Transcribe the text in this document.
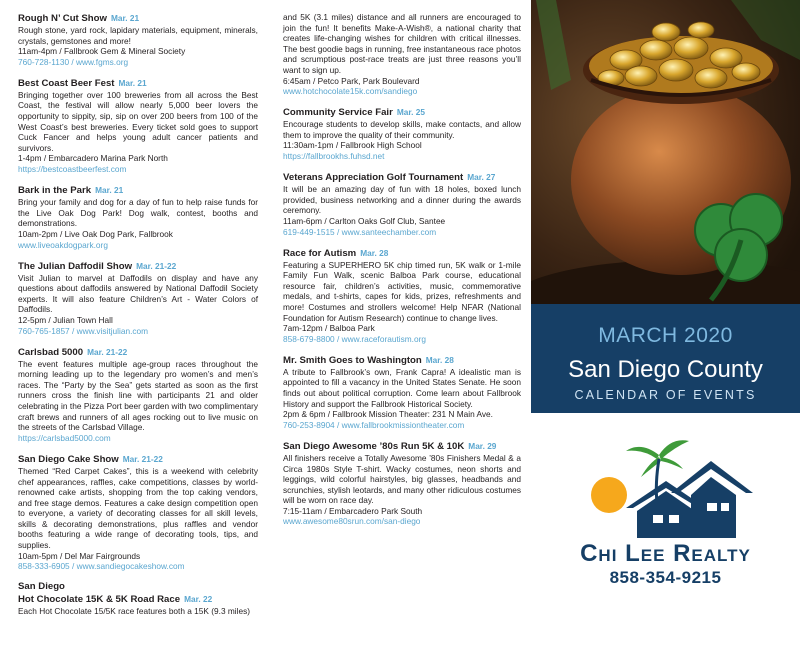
Rough N’ Cut Show Mar. 21
Rough stone, yard rock, lapidary materials, equipment, minerals, crystals, gemstones and more!
11am-4pm / Fallbrook Gem & Mineral Society
760-728-1130 / www.fgms.org
Best Coast Beer Fest Mar. 21
Bringing together over 100 breweries from all across the Best Coast, the festival will allow nearly 5,000 beer lovers the opportunity to sippity, sip, sip on over 200 beers from 100 of the West Coast’s best breweries. Every ticket sold goes to support Cuck Fancer and helps young adult cancer patients and survivors.
1-4pm / Embarcadero Marina Park North
https://bestcoastbeerfest.com
Bark in the Park Mar. 21
Bring your family and dog for a day of fun to help raise funds for the Live Oak Dog Park! Dog walk, contest, booths and demonstrations.
10am-2pm / Live Oak Dog Park, Fallbrook
www.liveoakdogpark.org
The Julian Daffodil Show Mar. 21-22
Visit Julian to marvel at Daffodils on display and have any questions about daffodils answered by National Daffodil Society experts. It will also feature Children’s Art - Water Colors of Daffodils.
12-5pm / Julian Town Hall
760-765-1857 / www.visitjulian.com
Carlsbad 5000 Mar. 21-22
The event features multiple age-group races throughout the morning leading up to the legendary pro women’s and men’s races. The “Party by the Sea” gets started as soon as the first runners cross the finish line with participants 21 and older celebrating in the Pizza Port beer garden with two complimentary craft brews and runners of all ages rocking out to live music on the streets of the Carlsbad Village.
https://carlsbad5000.com
San Diego Cake Show Mar. 21-22
Themed “Red Carpet Cakes”, this is a weekend with celebrity chef appearances, raffles, cake competitions, classes by world-renowned cake artists, shopping from the top caking vendors, and free stage demos. Features a cake design competition open to everyone, a variety of decorating classes for all skill levels, skills & decorating demonstrations, plus raffles and vendor booths featuring a wide range of decorating tools, tips, and supplies.
10am-5pm / Del Mar Fairgrounds
858-333-6905 / www.sandiegocakeshow.com
San Diego
Hot Chocolate 15K & 5K Road Race Mar. 22
Each Hot Chocolate 15/5K race features both a 15K (9.3 miles)
and 5K (3.1 miles) distance and all runners are encouraged to join the fun! It benefits Make-A-Wish®, a national charity that creates life-changing wishes for children with critical illnesses. The best goodie bags in running, free instantaneous race photos and scrumptious post-race treats are just three reasons you’ll want to sign up.
6:45am / Petco Park, Park Boulevard
www.hotchocolate15k.com/sandiego
Community Service Fair Mar. 25
Encourage students to develop skills, make contacts, and allow them to improve the quality of their community.
11:30am-1pm / Fallbrook High School
https://fallbrookhs.fuhsd.net
Veterans Appreciation Golf Tournament Mar. 27
It will be an amazing day of fun with 18 holes, boxed lunch provided, business networking and a dinner during the awards ceremony.
11am-6pm / Carlton Oaks Golf Club, Santee
619-449-1515 / www.santeechamber.com
Race for Autism Mar. 28
Featuring a SUPERHERO 5K chip timed run, 5K walk or 1-mile Family Fun Walk, scenic Balboa Park course, educational resource fair, children’s activities, music, commemorative medals, and t-shirts, capes for kids, prizes, refreshments and more! Costumes and strollers welcome! Help NFAR (National Foundation for Autism Research) continue to change lives.
7am-12pm / Balboa Park
858-679-8800 / www.raceforautism.org
Mr. Smith Goes to Washington Mar. 28
A tribute to Fallbrook’s own, Frank Capra! A idealistic man is appointed to fill a vacancy in the United States Senate. He soon finds out about political corruption. Come learn about Fallbrook History and support the Fallbrook Historical Society.
2pm & 6pm / Fallbrook Mission Theater: 231 N Main Ave.
760-253-8904 / www.fallbrookmissiontheater.com
San Diego Awesome ’80s Run 5K & 10K Mar. 29
All finishers receive a Totally Awesome ’80s Finishers Medal & a Circa 1980s Style T-shirt. Wacky costumes, neon shorts and leggings, wild colorful hairstyles, big glasses, headbands and scrunchies, stylish leotards, and many other ridiculous costumes will be worn on race day.
7:15-11am / Embarcadero Park South
www.awesome80srun.com/san-diego
MARCH 2020
San Diego County
CALENDAR OF EVENTS
Chi Lee Realty
858-354-9215
